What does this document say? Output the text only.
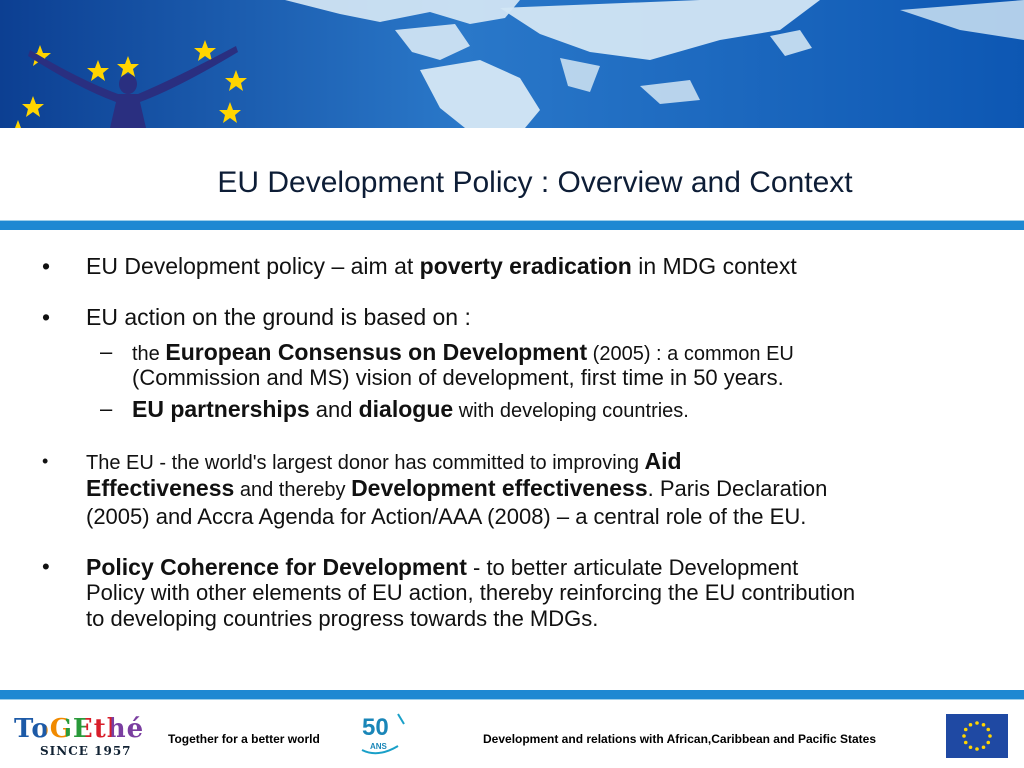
EU Development Policy : Overview and Context
•	EU Development policy – aim at poverty eradication in MDG context
•	EU action on the ground is based on :
– the European Consensus on Development (2005) : a common EU
(Commission and MS) vision of development, first time in 50 years.
– EU partnerships and dialogue with developing countries.
•	The EU - the world's largest donor has committed to improving Aid
Effectiveness and thereby Development effectiveness. Paris Declaration
(2005) and Accra Agenda for Action/AAA (2008) – a central role of the EU.
•	Policy Coherence for Development - to better articulate Development
Policy with other elements of EU action, thereby reinforcing the EU contribution
to developing countries progress towards the MDGs.
ToGEthé
SINCE 1957
Together for a better world 50
ANS
Development and relations with African,Caribbean and Pacific States
